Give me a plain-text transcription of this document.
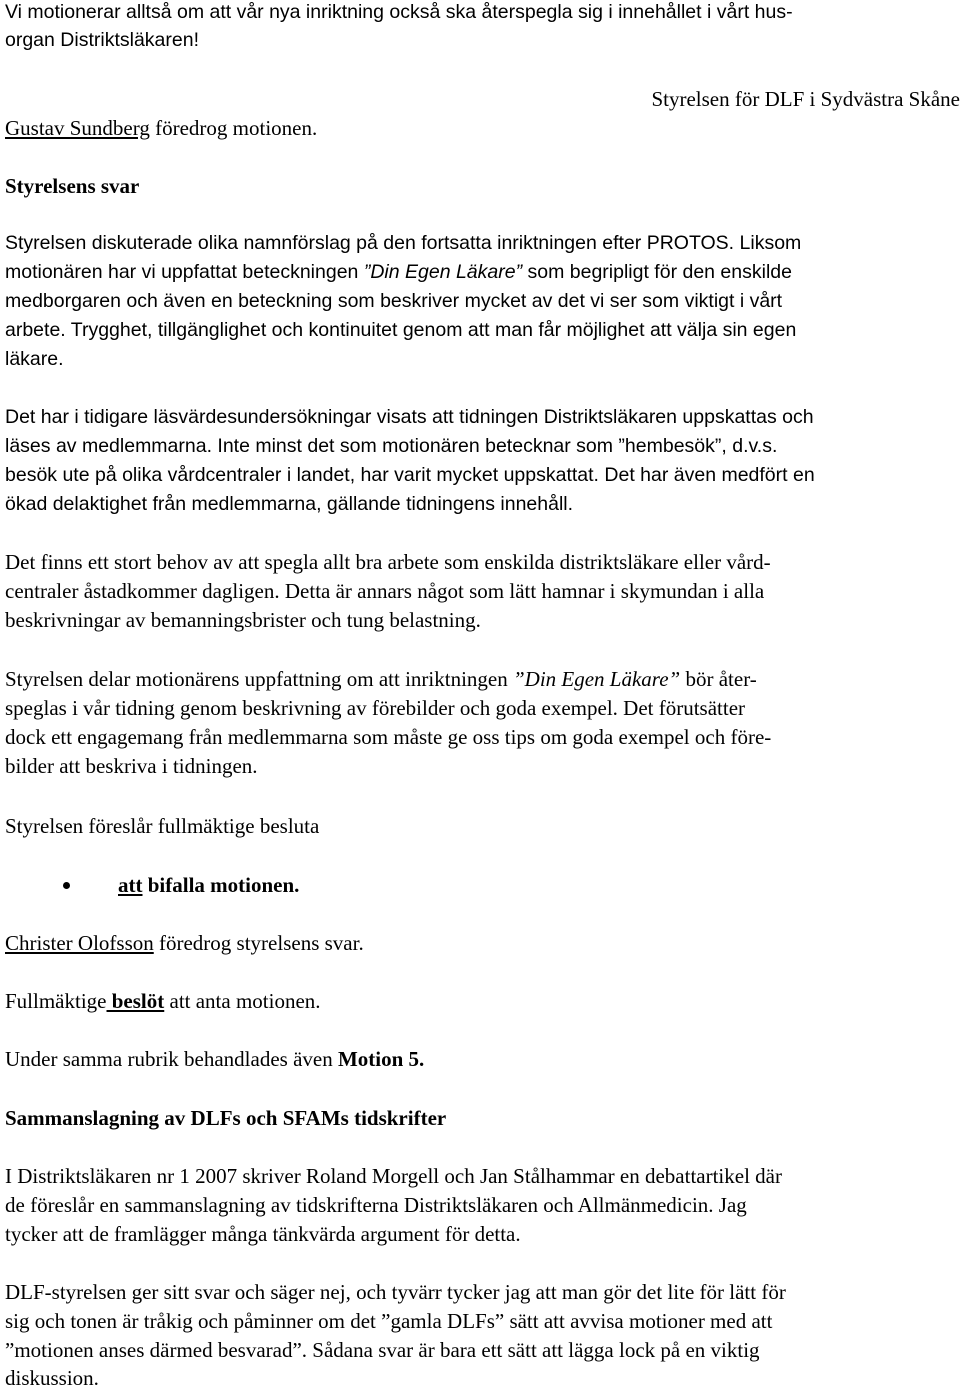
Vi motionerar alltså om att vår nya inriktning också ska återspegla sig i innehållet i vårt hus-
organ Distriktsläkaren!
Styrelsen för DLF i Sydvästra Skåne
Gustav Sundberg föredrog motionen.
Styrelsens svar
Styrelsen diskuterade olika namnförslag på den fortsatta inriktningen efter PROTOS. Liksom
motionären har vi uppfattat beteckningen ”Din Egen Läkare” som begripligt för den enskilde
medborgaren och även en beteckning som beskriver mycket av det vi ser som viktigt i vårt
arbete. Trygghet, tillgänglighet och kontinuitet genom att man får möjlighet att välja sin egen
läkare.
Det har i tidigare läsvärdesundersökningar visats att tidningen Distriktsläkaren uppskattas och
läses av medlemmarna. Inte minst det som motionären betecknar som ”hembesök”, d.v.s.
besök ute på olika vårdcentraler i landet, har varit mycket uppskattat. Det har även medfört en
ökad delaktighet från medlemmarna, gällande tidningens innehåll.
Det finns ett stort behov av att spegla allt bra arbete som enskilda distriktsläkare eller vård-
centraler åstadkommer dagligen. Detta är annars något som lätt hamnar i skymundan i alla
beskrivningar av bemanningsbrister och tung belastning.
Styrelsen delar motionärens uppfattning om att inriktningen ”Din Egen Läkare” bör åter-
speglas i vår tidning genom beskrivning av förebilder och goda exempel. Det förutsätter
dock ett engagemang från medlemmarna som måste ge oss tips om goda exempel och före-
bilder att beskriva i tidningen.
Styrelsen föreslår fullmäktige besluta
att bifalla motionen.
Christer Olofsson föredrog styrelsens svar.
Fullmäktige beslöt att anta motionen.
Under samma rubrik behandlades även Motion 5.
Sammanslagning av DLFs och SFAMs tidskrifter
I Distriktsläkaren nr 1 2007 skriver Roland Morgell och Jan Stålhammar en debattartikel där
de föreslår en sammanslagning av tidskrifterna Distriktsläkaren och Allmänmedicin. Jag
tycker att de framlägger många tänkvärda argument för detta.
DLF-styrelsen ger sitt svar och säger nej, och tyvärr tycker jag att man gör det lite för lätt för
sig och tonen är tråkig och påminner om det ”gamla DLFs” sätt att avvisa motioner med att
”motionen anses därmed besvarad”. Sådana svar är bara ett sätt att lägga lock på en viktig
diskussion.
